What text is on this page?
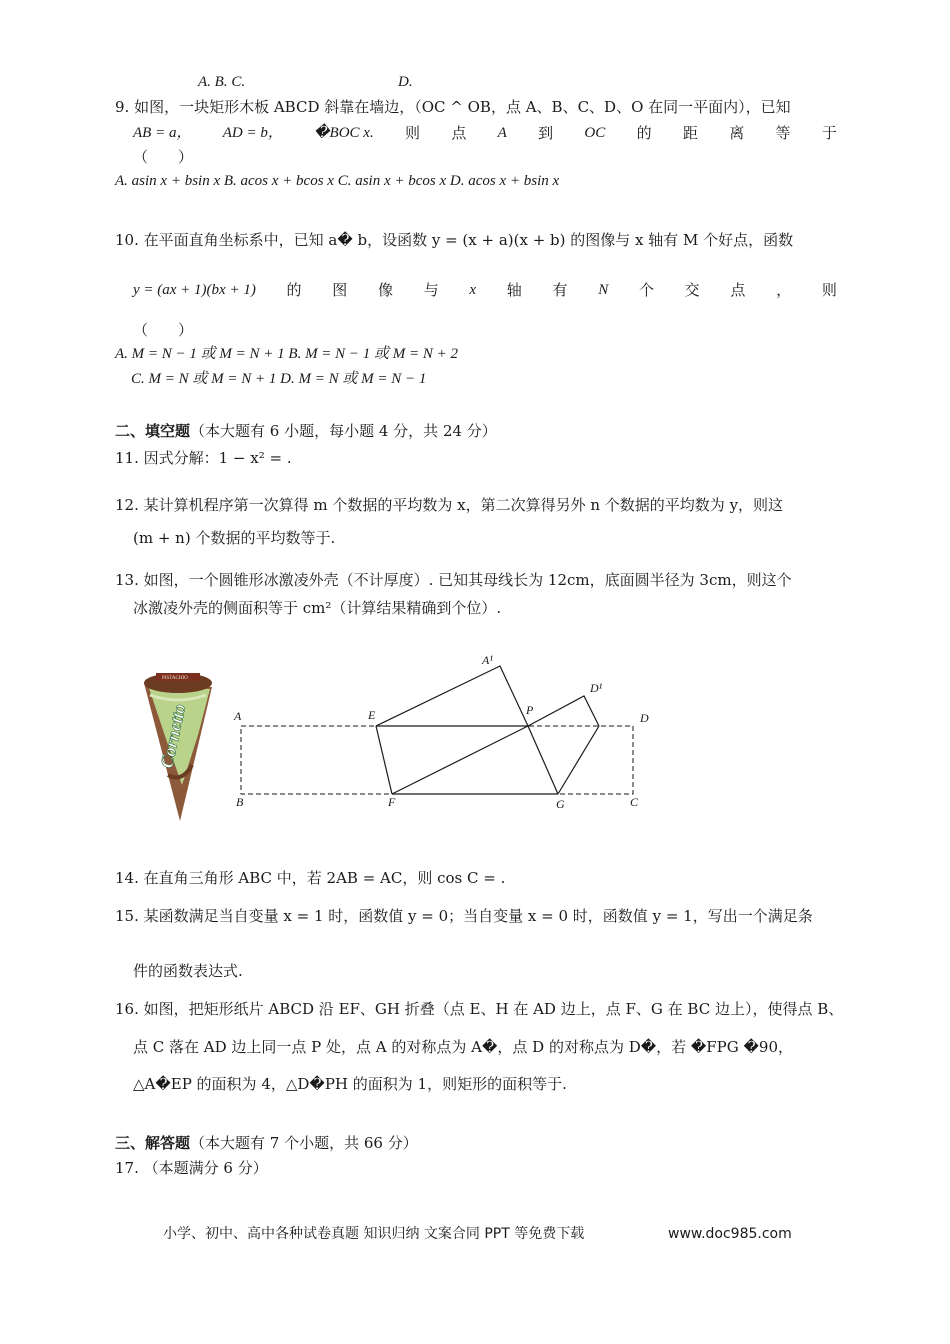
A. B. C.	D.
9. 如图，一块矩形木板 ABCD 斜靠在墙边，（OC ^ OB，点 A、B、C、D、O 在同一平面内），已知
AB = a， AD = b， �BOC x. 则 点 A 到 OC 的 距 离 等 于
（　　）
A. asin x + bsin x B. acos x + bcos x C. asin x + bcos x D. acos x + bsin x
10. 在平面直角坐标系中，已知 a� b，设函数 y = (x + a)(x + b) 的图像与 x 轴有 M 个好点，函数
y = (ax + 1)(bx + 1) 的 图 像 与 x 轴 有 N 个 交 点 ， 则
（　　）
A. M = N − 1 或 M = N + 1 B. M = N − 1 或 M = N + 2
C. M = N 或 M = N + 1 D. M = N 或 M = N − 1
二、填空题（本大题有 6 小题，每小题 4 分，共 24 分）
11. 因式分解：1 − x² = .
12. 某计算机程序第一次算得 m 个数据的平均数为 x，第二次算得另外 n 个数据的平均数为 y，则这
(m + n) 个数据的平均数等于.
13. 如图，一个圆锥形冰激凌外壳（不计厚度）. 已知其母线长为 12cm，底面圆半径为 3cm，则这个
冰激凌外壳的侧面积等于 cm²（计算结果精确到个位）.
PISTACHIO
Cornetto	A
B	C
D
E
F	G
P
A¹
D¹
14. 在直角三角形 ABC 中，若 2AB = AC，则 cos C = .
15. 某函数满足当自变量 x = 1 时，函数值 y = 0；当自变量 x = 0 时，函数值 y = 1，写出一个满足条
件的函数表达式.
16. 如图，把矩形纸片 ABCD 沿 EF、GH 折叠（点 E、H 在 AD 边上，点 F、G 在 BC 边上），使得点 B、
点 C 落在 AD 边上同一点 P 处，点 A 的对称点为 A�，点 D 的对称点为 D�，若 �FPG �90，
△A�EP 的面积为 4，△D�PH 的面积为 1，则矩形的面积等于.
三、解答题（本大题有 7 个小题，共 66 分）
17. （本题满分 6 分）
小学、初中、高中各种试卷真题 知识归纳 文案合同 PPT 等免费下载	www.doc985.com
